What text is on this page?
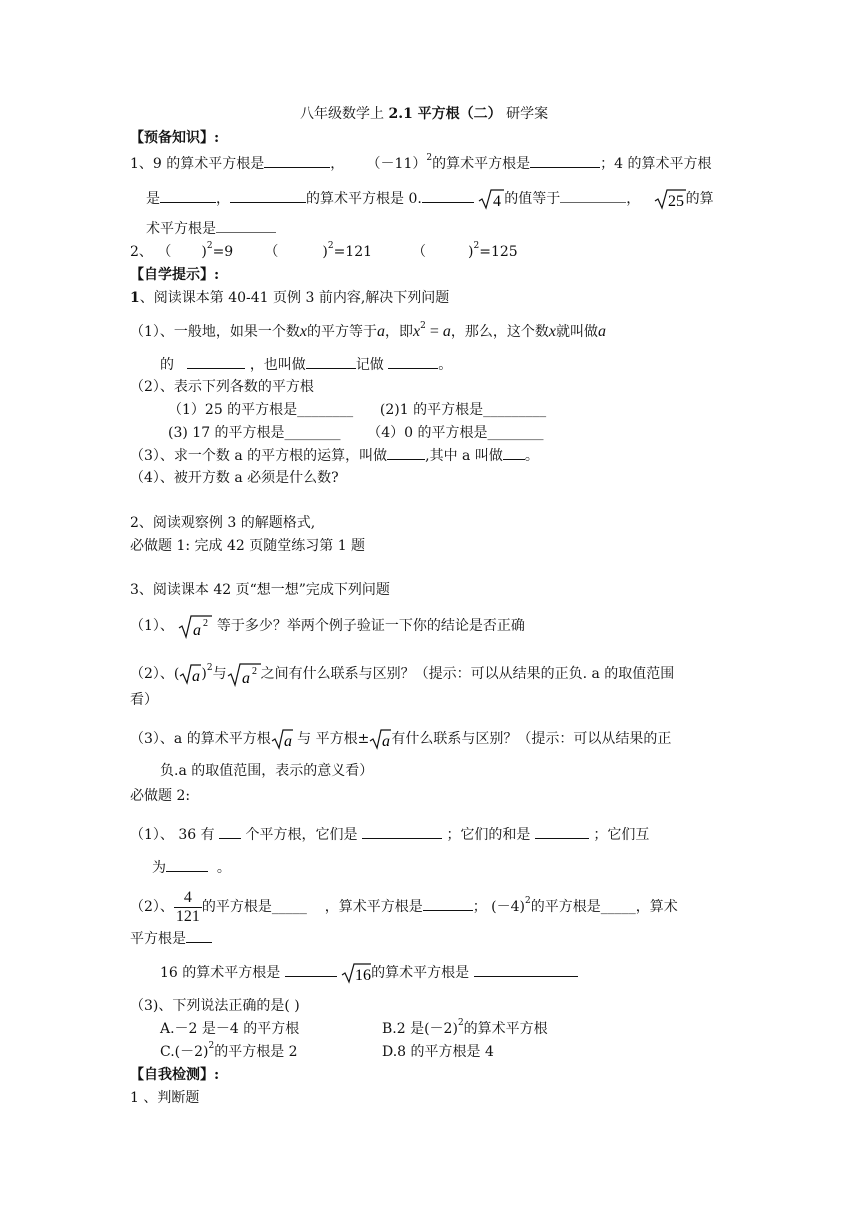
八年级数学上 2.1 平方根（二） 研学案
【预备知识】:
1、9 的算术平方根是	， $(-11)^2$的算术平方根是	；4 的算术平方根
是	，	的算术平方根是 0.	4 的值等于	， 25 的算
术平方根是
2、 （ )$^2$=9 （	)$^2$=121	（	)$^2$=125
【自学提示】:
1、阅读课本第 40-41 页例 3 前内容,解决下列问题
（1）、一般地，如果一个数x的平方等于a，即$x^2 = a$，那么，这个数x就叫做a
的	，也叫做	记做	。
（2）、表示下列各数的平方根
（1）25 的平方根是________ (2)1 的平方根是_________
(3) 17 的平方根是________ （4）0 的平方根是________
（3）、求一个数 a 的平方根的运算，叫做	,其中 a 叫做 。
（4）、被开方数 a 必须是什么数?
2、阅读观察例 3 的解题格式,
必做题 1: 完成 42 页随堂练习第 1 题
3、阅读课本 42 页“想一想”完成下列问题
（1）、 a 2 等于多少？举两个例子验证一下你的结论是否正确
（2）、( a )$^2$与 a 2 之间有什么联系与区别？（提示：可以从结果的正负. a 的取值范围
看）
（3）、a 的算术平方根 a 与 平方根± a 有什么联系与区别？（提示：可以从结果的正
负.a 的取值范围，表示的意义看）
必做题 2:
（1）、 36 有 个平方根，它们是	；它们的和是	；它们互
为	。
（2）、 $\frac{4}{121}$ 的平方根是_____ ，算术平方根是	； $(-4)^2$的平方根是_____，算术
平方根是
16 的算术平方根是	16 的算术平方根是
（3)、下列说法正确的是( )
A.－2 是－4 的平方根	B.2 是$(-2)^2$的算术平方根
$C.(-2)^2$的平方根是 2	D.8 的平方根是 4
【自我检测】:
1 、判断题
